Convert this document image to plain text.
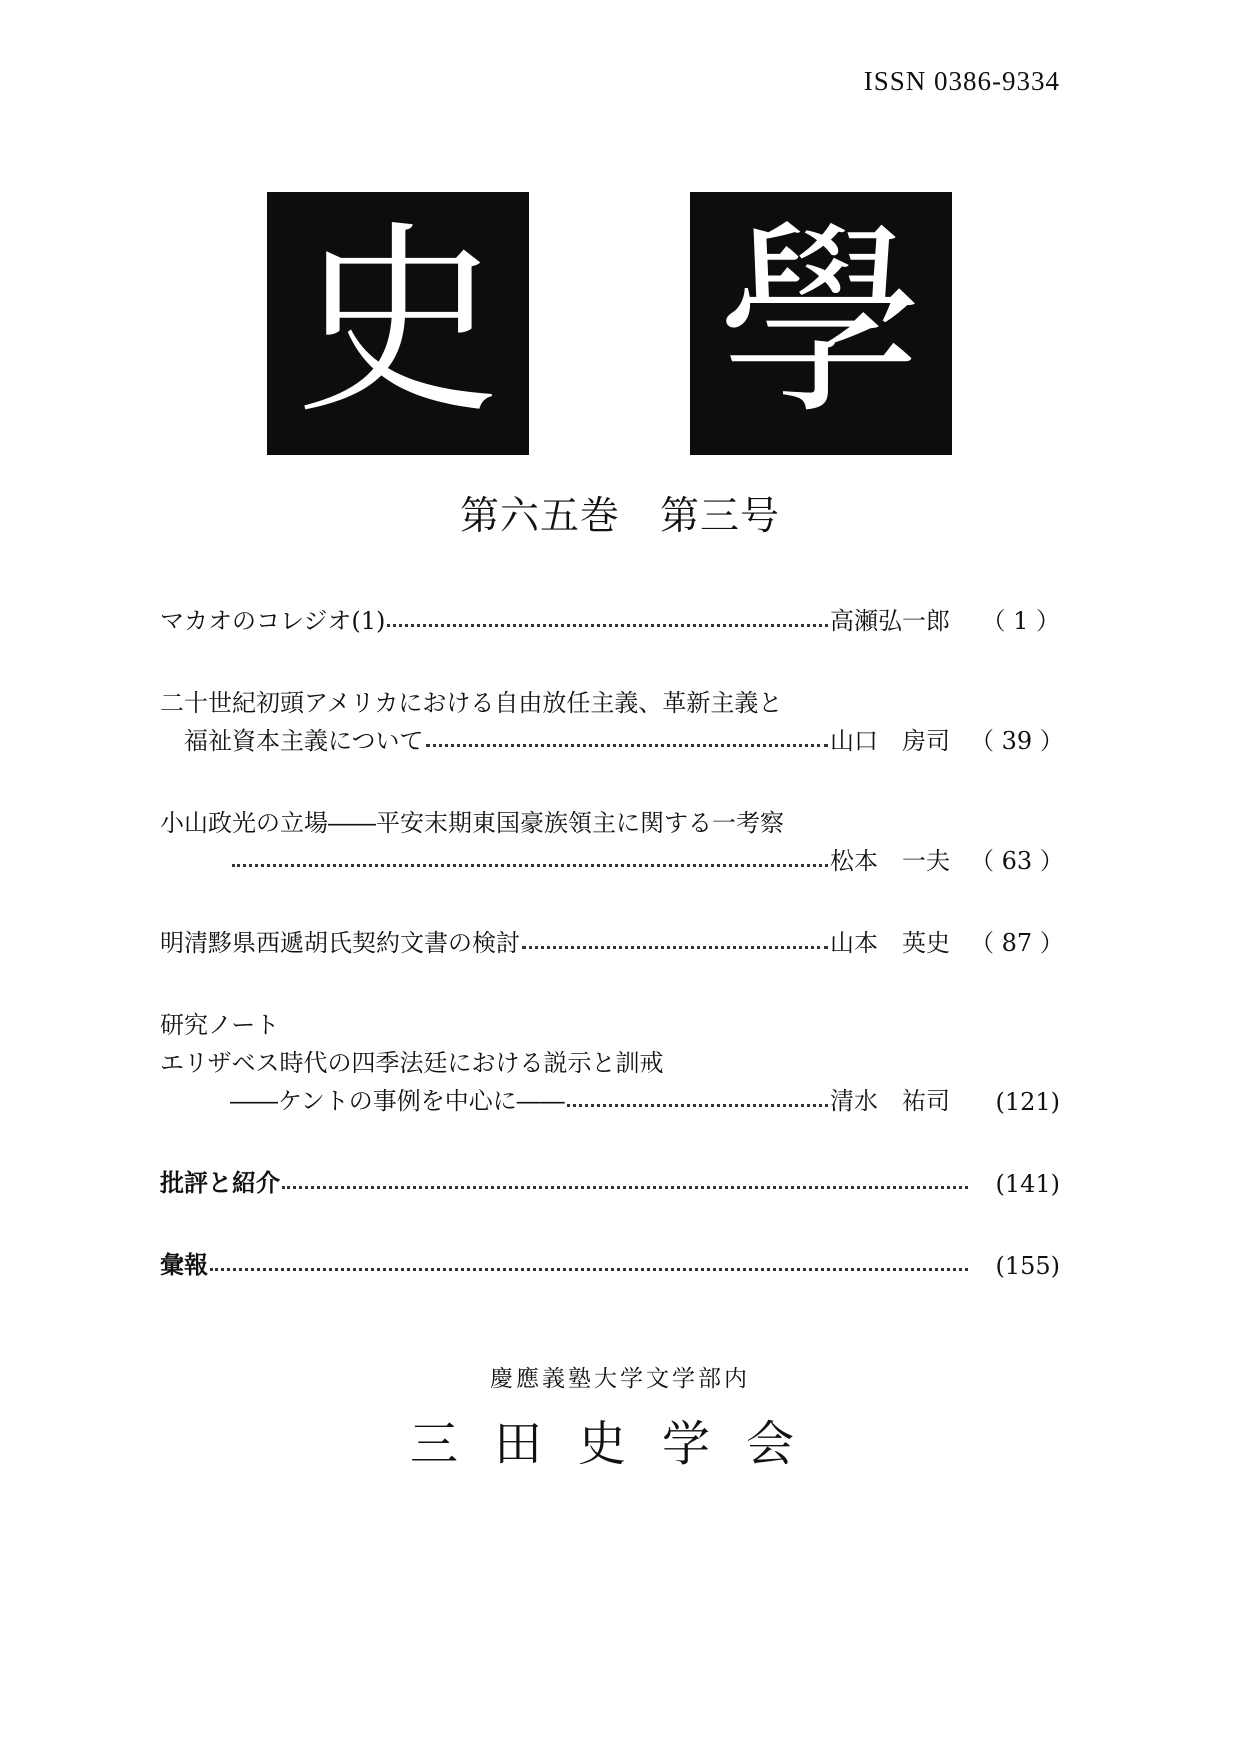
ISSN 0386-9334
史 學
第六五巻　第三号
マカオのコレジオ(1)	高瀬弘一郎	（ 1 ）
二十世紀初頭アメリカにおける自由放任主義、革新主義と
福祉資本主義について	山口　房司 （ 39 ）
小山政光の立場――平安末期東国豪族領主に関する一考察
松本　一夫 （ 63 ）
明清黟県西遞胡氏契約文書の検討	山本　英史 （ 87 ）
研究ノート
エリザベス時代の四季法廷における説示と訓戒
――ケントの事例を中心に――	清水　祐司	(121)
批評と紹介	(141)
彙報	(155)
慶應義塾大学文学部内
三田史学会
